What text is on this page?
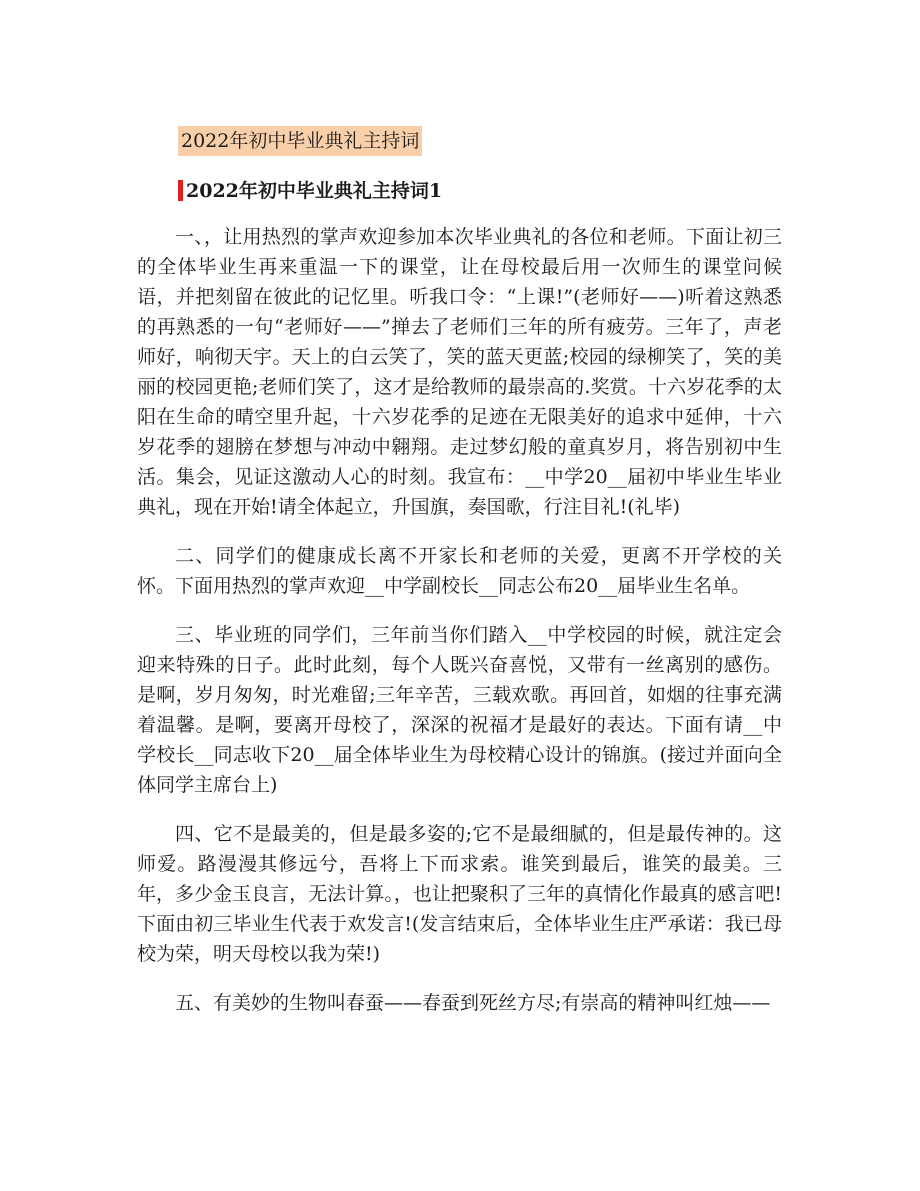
2022年初中毕业典礼主持词
2022年初中毕业典礼主持词1

一、，让用热烈的掌声欢迎参加本次毕业典礼的各位和老师。下面让初三的全体毕业生再来重温一下的课堂，让在母校最后用一次师生的课堂问候语，并把刻留在彼此的记忆里。听我口令：“上课!”(老师好——)听着这熟悉的再熟悉的一句“老师好——”掸去了老师们三年的所有疲劳。三年了，声老师好，响彻天宇。天上的白云笑了，笑的蓝天更蓝;校园的绿柳笑了，笑的美丽的校园更艳;老师们笑了，这才是给教师的最崇高的.奖赏。十六岁花季的太阳在生命的晴空里升起，十六岁花季的足迹在无限美好的追求中延伸，十六岁花季的翅膀在梦想与冲动中翱翔。走过梦幻般的童真岁月，将告别初中生活。集会，见证这激动人心的时刻。我宣布：__中学20__届初中毕业生毕业典礼，现在开始!请全体起立，升国旗，奏国歌，行注目礼!(礼毕)

二、同学们的健康成长离不开家长和老师的关爱，更离不开学校的关怀。下面用热烈的掌声欢迎__中学副校长__同志公布20__届毕业生名单。

三、毕业班的同学们，三年前当你们踏入__中学校园的时候，就注定会迎来特殊的日子。此时此刻，每个人既兴奋喜悦，又带有一丝离别的感伤。是啊，岁月匆匆，时光难留;三年辛苦，三载欢歌。再回首，如烟的往事充满着温馨。是啊，要离开母校了，深深的祝福才是最好的表达。下面有请__中学校长__同志收下20__届全体毕业生为母校精心设计的锦旗。(接过并面向全体同学主席台上)

四、它不是最美的，但是最多姿的;它不是最细腻的，但是最传神的。这师爱。路漫漫其修远兮，吾将上下而求索。谁笑到最后，谁笑的最美。三年，多少金玉良言，无法计算。，也让把聚积了三年的真情化作最真的感言吧!下面由初三毕业生代表于欢发言!(发言结束后，全体毕业生庄严承诺：我已母校为荣，明天母校以我为荣!)

五、有美妙的生物叫春蚕——春蚕到死丝方尽;有崇高的精神叫红烛——
